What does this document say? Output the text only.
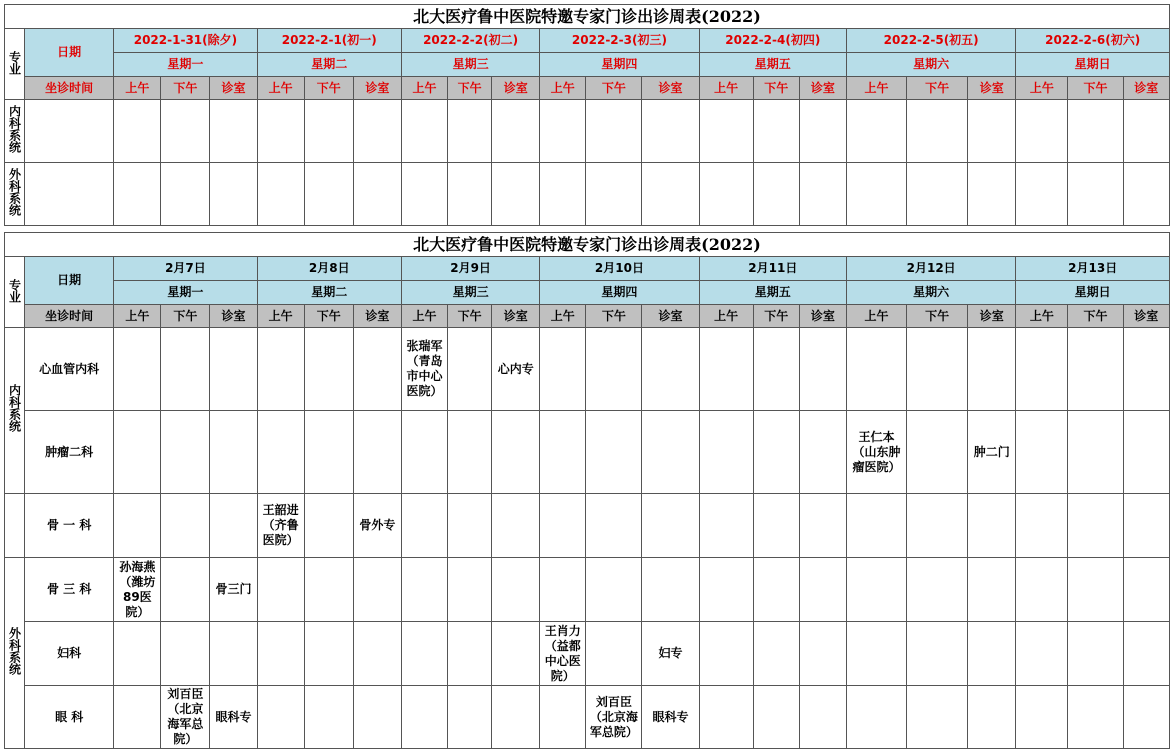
北大医疗鲁中医院特邀专家门诊出诊周表(2022)																						
专业	日期	2022-1-31(除夕)			2022-2-1(初一)			2022-2-2(初二)			2022-2-3(初三)			2022-2-4(初四)			2022-2-5(初五)			2022-2-6(初六)		
		星期一			星期二			星期三			星期四			星期五			星期六			星期日		
	坐诊时间	上午	下午	诊室	上午	下午	诊室	上午	下午	诊室	上午	下午	诊室	上午	下午	诊室	上午	下午	诊室	上午	下午	诊室
内科系统																						
外科系统																						
北大医疗鲁中医院特邀专家门诊出诊周表(2022)																						
专业	日期	2月7日			2月8日			2月9日			2月10日			2月11日			2月12日			2月13日		
		星期一			星期二			星期三			星期四			星期五			星期六			星期日		
	坐诊时间	上午	下午	诊室	上午	下午	诊室	上午	下午	诊室	上午	下午	诊室	上午	下午	诊室	上午	下午	诊室	上午	下午	诊室
内科系统	心血管内科							张瑞军（青岛市中心医院）		心内专												
	肿瘤二科																王仁本（山东肿瘤医院）		肿二门			
	骨 一 科				王韶进（齐鲁医院）		骨外专															
外科系统	骨 三 科	孙海燕（潍坊89医院）		骨三门																		
	妇科										王肖力（益都中心医院）		妇专									
	眼 科		刘百臣（北京海军总院）	眼科专								刘百臣（北京海军总院）	眼科专									
